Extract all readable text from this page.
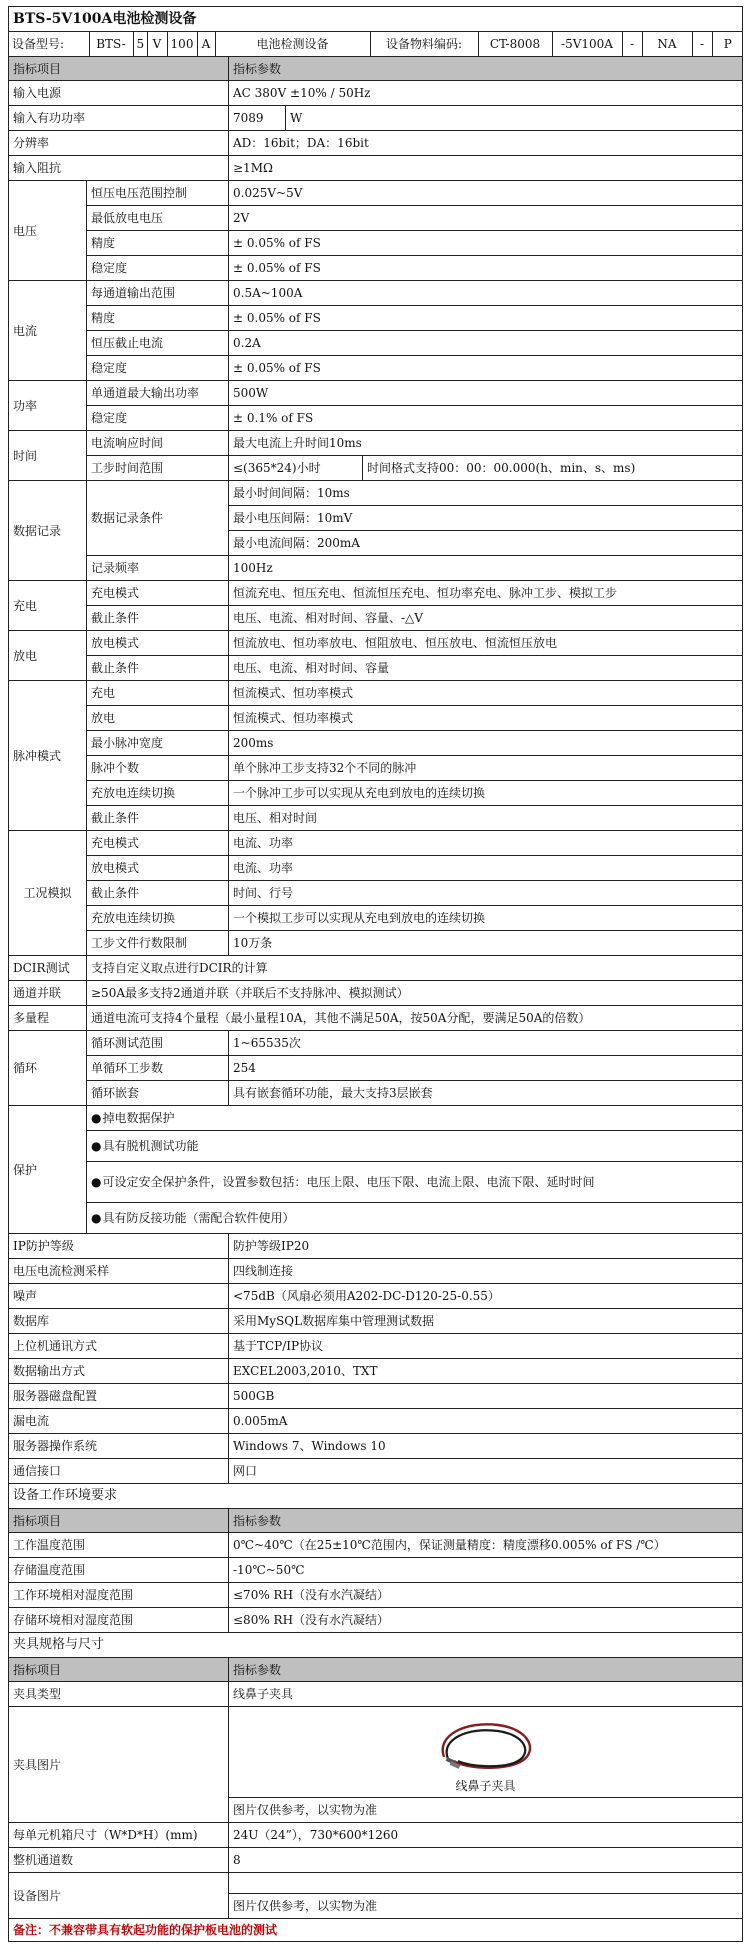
BTS-5V100A电池检测设备

设备型号:	BTS-	5	V	100	A	电池检测设备	设备物料编码:	CT-8008	-5V100A	-	NA	-	P

指标项目	指标参数
输入电源	AC 380V ±10% / 50Hz
输入有功功率	7089 W
分辨率	AD：16bit；DA：16bit
输入阻抗	≥1MΩ
电压	恒压电压范围控制	0.025V~5V
最低放电电压	2V
精度	± 0.05% of FS
稳定度	± 0.05% of FS
电流	每通道输出范围	0.5A~100A
精度	± 0.05% of FS
恒压截止电流	0.2A
稳定度	± 0.05% of FS
功率	单通道最大输出功率	500W
稳定度	± 0.1% of FS
时间	电流响应时间	最大电流上升时间10ms
工步时间范围	≤(365*24)小时	时间格式支持00：00：00.000(h、min、s、ms)
数据记录	数据记录条件	最小时间间隔：10ms
最小电压间隔：10mV
最小电流间隔：200mA
记录频率	100Hz
充电	充电模式	恒流充电、恒压充电、恒流恒压充电、恒功率充电、脉冲工步、模拟工步
截止条件	电压、电流、相对时间、容量、-△V
放电	放电模式	恒流放电、恒功率放电、恒阻放电、恒压放电、恒流恒压放电
截止条件	电压、电流、相对时间、容量
脉冲模式	充电	恒流模式、恒功率模式
放电	恒流模式、恒功率模式
最小脉冲宽度	200ms
脉冲个数	单个脉冲工步支持32个不同的脉冲
充放电连续切换	一个脉冲工步可以实现从充电到放电的连续切换
截止条件	电压、相对时间
工况模拟	充电模式	电流、功率
放电模式	电流、功率
截止条件	时间、行号
充放电连续切换	一个模拟工步可以实现从充电到放电的连续切换
工步文件行数限制	10万条
DCIR测试	支持自定义取点进行DCIR的计算
通道并联	≥50A最多支持2通道并联（并联后不支持脉冲、模拟测试）
多量程	通道电流可支持4个量程（最小量程10A，其他不满足50A，按50A分配，要满足50A的倍数）
循环	循环测试范围	1~65535次
单循环工步数	254
循环嵌套	具有嵌套循环功能，最大支持3层嵌套
保护	● 掉电数据保护
● 具有脱机测试功能
● 可设定安全保护条件，设置参数包括：电压上限、电压下限、电流上限、电流下限、延时时间
● 具有防反接功能（需配合软件使用）
IP防护等级	防护等级IP20
电压电流检测采样	四线制连接
噪声	<75dB（风扇必须用A202-DC-D120-25-0.55）
数据库	采用MySQL数据库集中管理测试数据
上位机通讯方式	基于TCP/IP协议
数据输出方式	EXCEL2003,2010、TXT
服务器磁盘配置	500GB
漏电流	0.005mA
服务器操作系统	Windows 7、Windows 10
通信接口	网口
设备工作环境要求
指标项目	指标参数
工作温度范围	0℃~40℃（在25±10℃范围内，保证测量精度：精度漂移0.005% of FS /℃）
存储温度范围	-10℃~50℃
工作环境相对湿度范围	≤70% RH（没有水汽凝结）
存储环境相对湿度范围	≤80% RH（没有水汽凝结）
夹具规格与尺寸
指标项目	指标参数
夹具类型	线鼻子夹具
夹具图片	
线鼻子夹具

图片仅供参考，以实物为准
每单元机箱尺寸（W*D*H）(mm)	24U（24”），730*600*1260
整机通道数	8
设备图片	
图片仅供参考，以实物为准
备注：不兼容带具有软起功能的保护板电池的测试
